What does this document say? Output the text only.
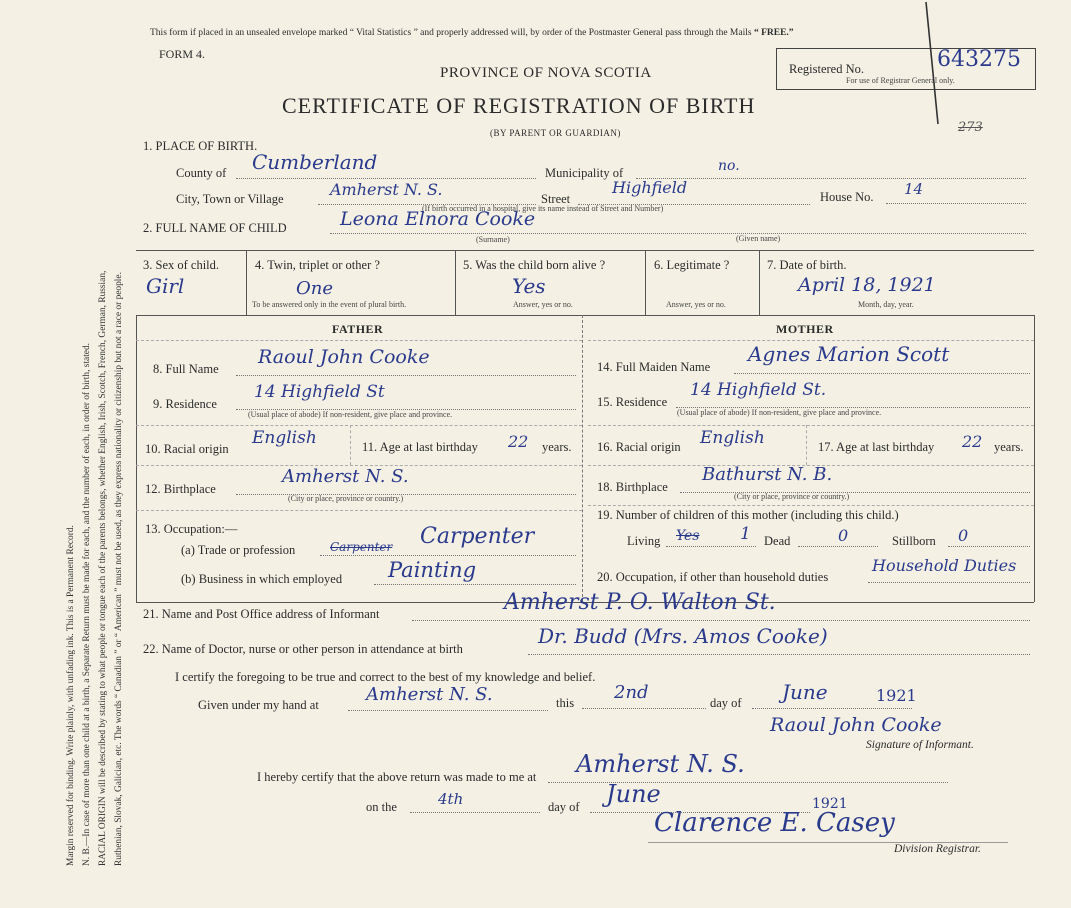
Margin reserved for binding. Write plainly, with unfading ink. This is a Permanent Record. N. B.—In case of more than one child at a birth, a Separate Return must be made for each, and the number of each, in order of birth, stated. RACIAL ORIGIN will be described by stating to what people or tongue each of the parents belongs, whether English, Irish, Scotch, French, German, Russian, Ruthenian, Slovak, Galician, etc. The words “ Canadian ” or “ American ” must not be used, as they express nationality or citizenship but not a race or people.
This form if placed in an unsealed envelope marked “ Vital Statistics ” and properly addressed will, by order of the Postmaster General pass through the Mails “ FREE.”
FORM 4.
PROVINCE OF NOVA SCOTIA
CERTIFICATE OF REGISTRATION OF BIRTH
(BY PARENT OR GUARDIAN)
Registered No.	643275
For use of Registrar General only.
273
1. PLACE OF BIRTH.
County of Cumberland	Municipality of	no.
City, Town or Village	Amherst N. S.	Street
Highfield	House No. 14
(If birth occurred in a hospital, give its name instead of Street and Number)
2. FULL NAME OF CHILD	Leona Elnora Cooke
(Surname)	(Given name)
3. Sex of child.
Girl
4. Twin, triplet or other ?
One
To be answered only in the event of plural birth.
5. Was the child born alive ?
Yes
Answer, yes or no.
6. Legitimate ?
Answer, yes or no.
7. Date of birth.
April 18, 1921
Month, day, year.
FATHER	MOTHER
8. Full Name
Raoul John Cooke
9. Residence
14 Highfield St
(Usual place of abode) If non-resident, give place and province.
10. Racial origin
English	11. Age at last birthday 22 years.
12. Birthplace
Amherst N. S.
(City or place, province or country.)
13. Occupation:—
(a) Trade or profession	Carpenter Carpenter
(b) Business in which employed Painting
14. Full Maiden Name
Agnes Marion Scott
15. Residence
14 Highfield St.
(Usual place of abode) If non-resident, give place and province.
16. Racial origin English	17. Age at last birthday 22 years.
18. Birthplace
Bathurst N. B.
(City or place, province or country.)
19. Number of children of this mother (including this child.)
Living Yes 1 Dead	0	Stillborn 0
20. Occupation, if other than household duties
Household Duties
21. Name and Post Office address of Informant	Amherst P. O. Walton St.
22. Name of Doctor, nurse or other person in attendance at birth
Dr. Budd (Mrs. Amos Cooke)
I certify the foregoing to be true and correct to the best of my knowledge and belief.
Given under my hand at	Amherst N. S.	this 2nd	day of June	1921
Raoul John Cooke
Signature of Informant.
I hereby certify that the above return was made to me at Amherst N. S.
on the	4th	day of June	1921
Clarence E. Casey
Division Registrar.
